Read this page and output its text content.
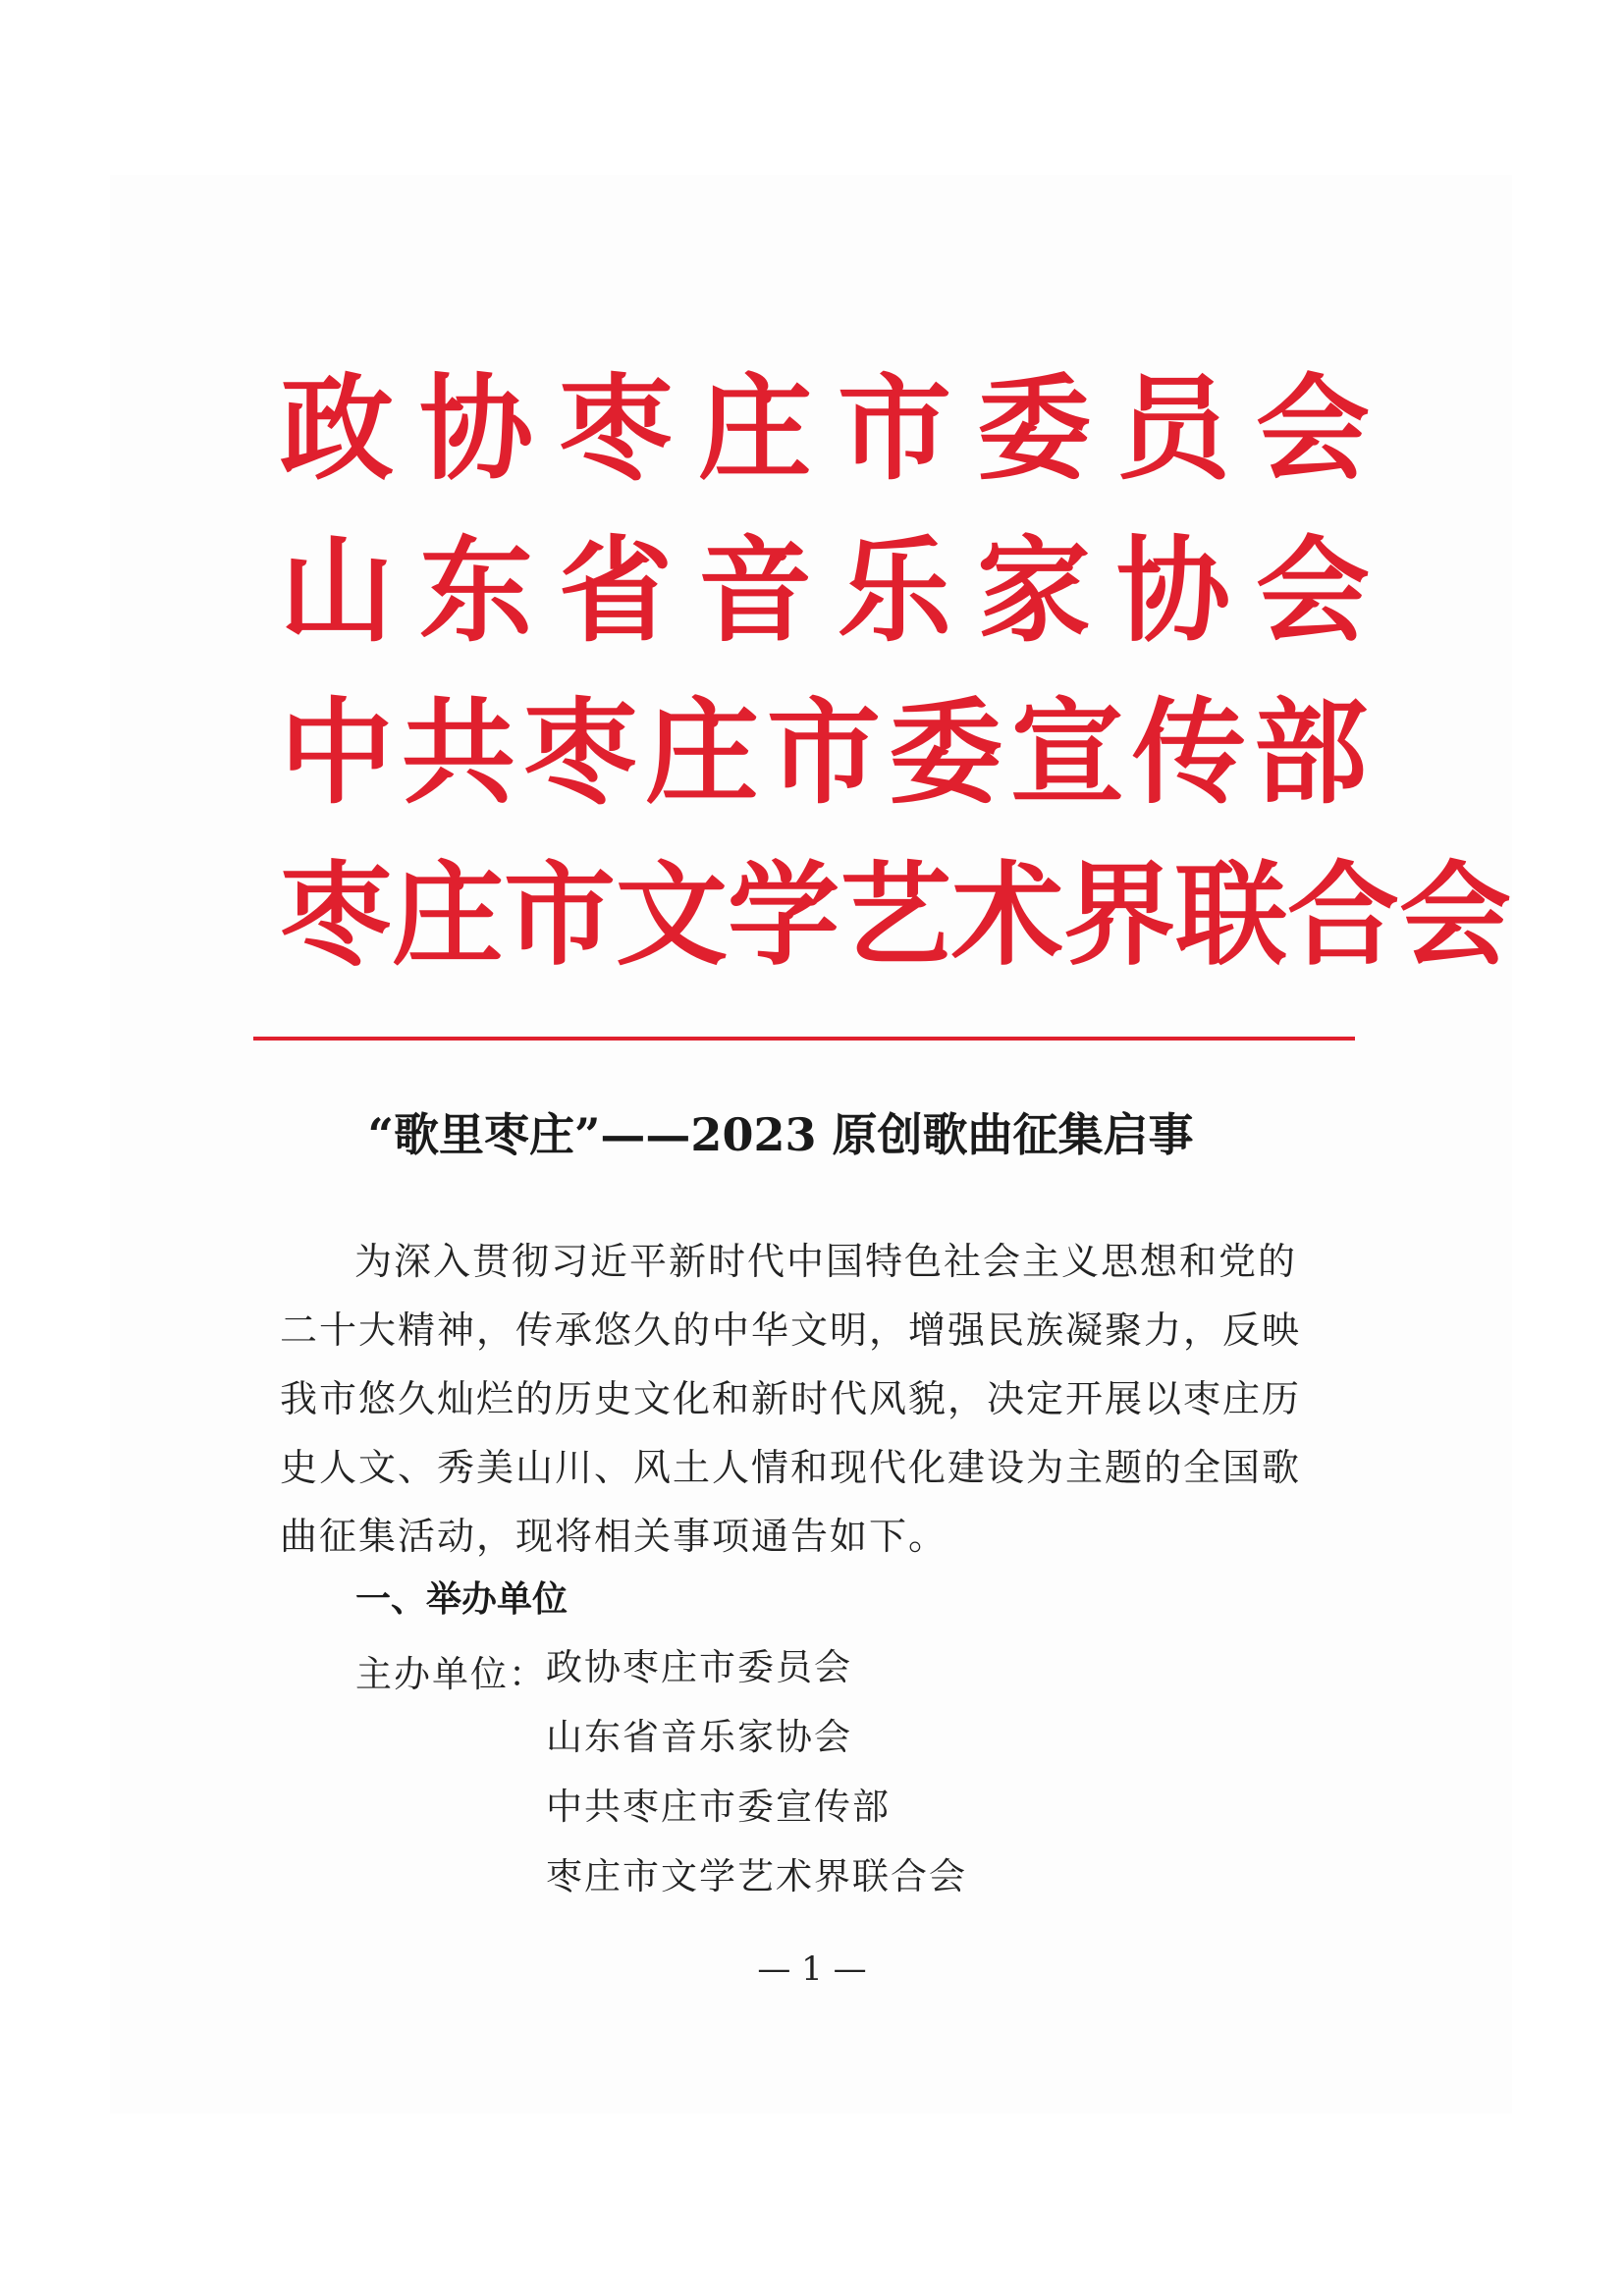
政协枣庄市委员会
山东省音乐家协会
中共枣庄市委宣传部
枣庄市文学艺术界联合会
“歌里枣庄”——2023 原创歌曲征集启事

为深入贯彻习近平新时代中国特色社会主义思想和党的二十大精神，传承悠久的中华文明，增强民族凝聚力，反映我市悠久灿烂的历史文化和新时代风貌，决定开展以枣庄历史人文、秀美山川、风土人情和现代化建设为主题的全国歌曲征集活动，现将相关事项通告如下。

一、举办单位
主办单位： 政协枣庄市委员会
山东省音乐家协会
中共枣庄市委宣传部
枣庄市文学艺术界联合会
— 1 —
